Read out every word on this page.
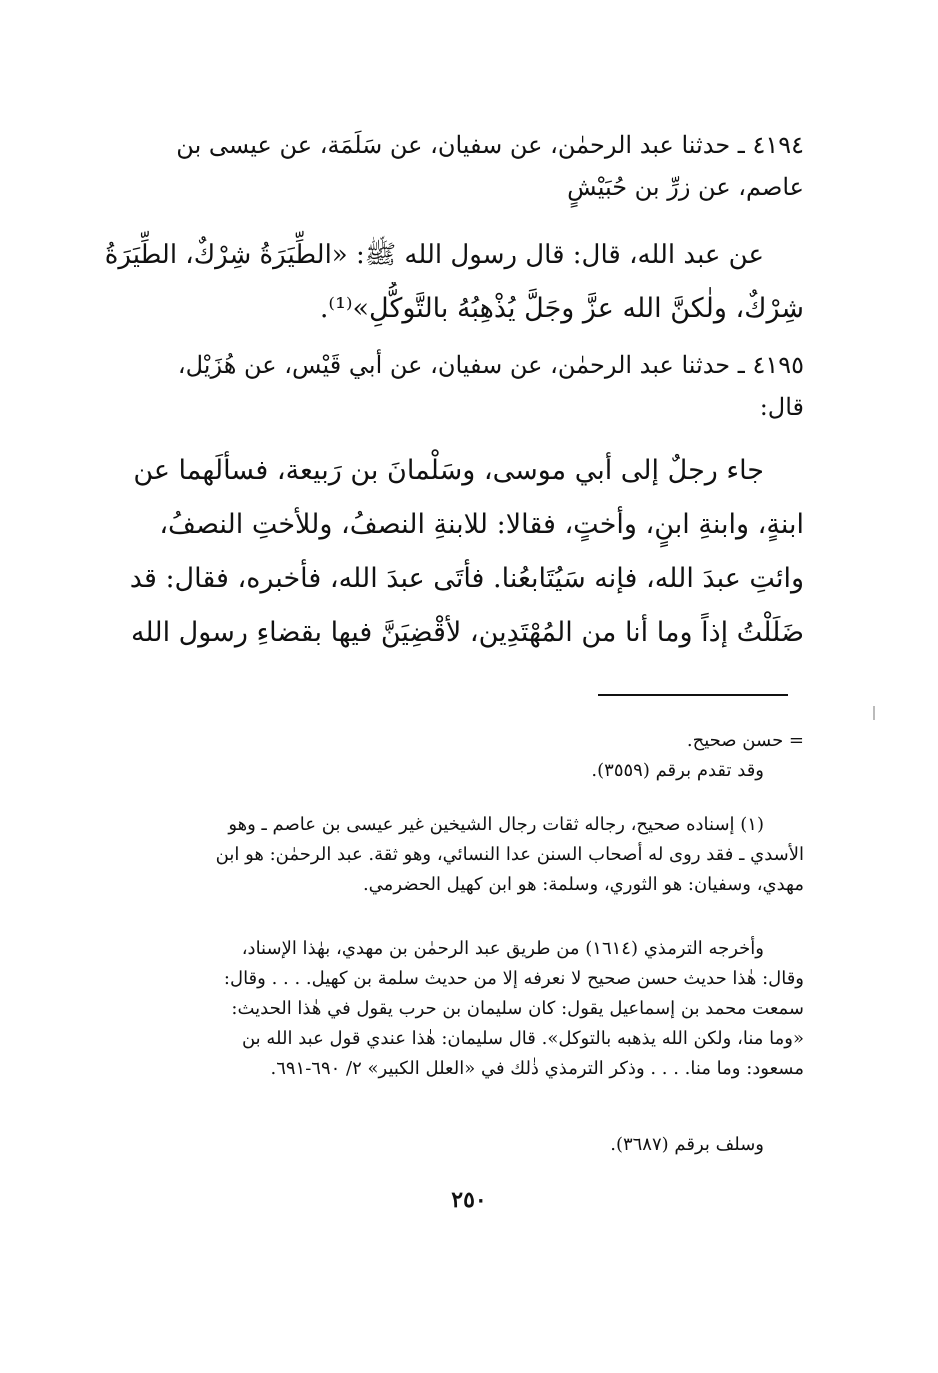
٤١٩٤ ـ حدثنا عبد الرحمٰن، عن سفيان، عن سَلَمَة، عن عيسى بن
عاصم، عن زرِّ بن حُبَيْشٍ
عن عبد الله، قال: قال رسول الله ﷺ: «الطِّيَرَةُ شِرْكٌ، الطِّيَرَةُ
شِرْكٌ، ولٰكنَّ الله عزَّ وجَلَّ يُذْهِبُهُ بالتَّوكُّلِ»⁽¹⁾.
٤١٩٥ ـ حدثنا عبد الرحمٰن، عن سفيان، عن أبي قَيْس، عن هُزَيْل،
قال:
جاء رجلٌ إلى أبي موسى، وسَلْمانَ بن رَبيعة، فسألَهما عن
ابنةٍ، وابنةِ ابنٍ، وأختٍ، فقالا: للابنةِ النصفُ، وللأختِ النصفُ،
وائتِ عبدَ الله، فإنه سَيُتَابعُنا. فأتَى عبدَ الله، فأخبره، فقال: قد
ضَلَلْتُ إذاً وما أنا من المُهْتَدِين، لأقْضِيَنَّ فيها بقضاءِ رسول الله
= حسن صحيح.
وقد تقدم برقم (٣٥٥٩).
(١) إسناده صحيح، رجاله ثقات رجال الشيخين غير عيسى بن عاصم ـ وهو
الأسدي ـ فقد روى له أصحاب السنن عدا النسائي، وهو ثقة. عبد الرحمٰن: هو ابن
مهدي، وسفيان: هو الثوري، وسلمة: هو ابن كهيل الحضرمي.
وأخرجه الترمذي (١٦١٤) من طريق عبد الرحمٰن بن مهدي، بهٰذا الإسناد،
وقال: هٰذا حديث حسن صحيح لا نعرفه إلا من حديث سلمة بن كهيل. . . . وقال:
سمعت محمد بن إسماعيل يقول: كان سليمان بن حرب يقول في هٰذا الحديث:
«وما منا، ولكن الله يذهبه بالتوكل». قال سليمان: هٰذا عندي قول عبد الله بن
مسعود: وما منا. . . . وذكر الترمذي ذٰلك في «العلل الكبير» ٢/ ٦٩٠-٦٩١.
وسلف برقم (٣٦٨٧).
٢٥٠
